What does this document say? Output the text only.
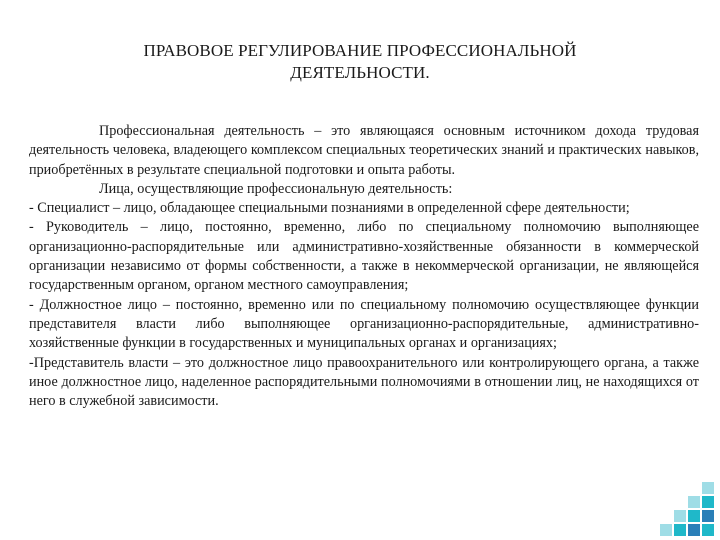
ПРАВОВОЕ РЕГУЛИРОВАНИЕ ПРОФЕССИОНАЛЬНОЙ
ДЕЯТЕЛЬНОСТИ.

Профессиональная деятельность – это являющаяся основным источником дохода трудовая деятельность человека, владеющего комплексом специальных теоретических знаний и практических навыков, приобретённых в результате специальной подготовки и опыта работы.

Лица, осуществляющие профессиональную деятельность:

- Специалист – лицо, обладающее специальными познаниями в определенной сфере деятельности;

- Руководитель – лицо, постоянно, временно, либо по специальному полномочию выполняющее организационно-распорядительные или административно-хозяйственные обязанности в коммерческой организации независимо от формы собственности, а также в некоммерческой организации, не являющейся государственным органом, органом местного самоуправления;

- Должностное лицо – постоянно, временно или по специальному полномочию осуществляющее функции представителя власти либо выполняющее организационно-распорядительные, административно-хозяйственные функции в государственных и муниципальных органах и организациях;

-Представитель власти – это должностное лицо правоохранительного или контролирующего органа, а также иное должностное лицо, наделенное распорядительными полномочиями в отношении лиц, не находящихся от него в служебной зависимости.
